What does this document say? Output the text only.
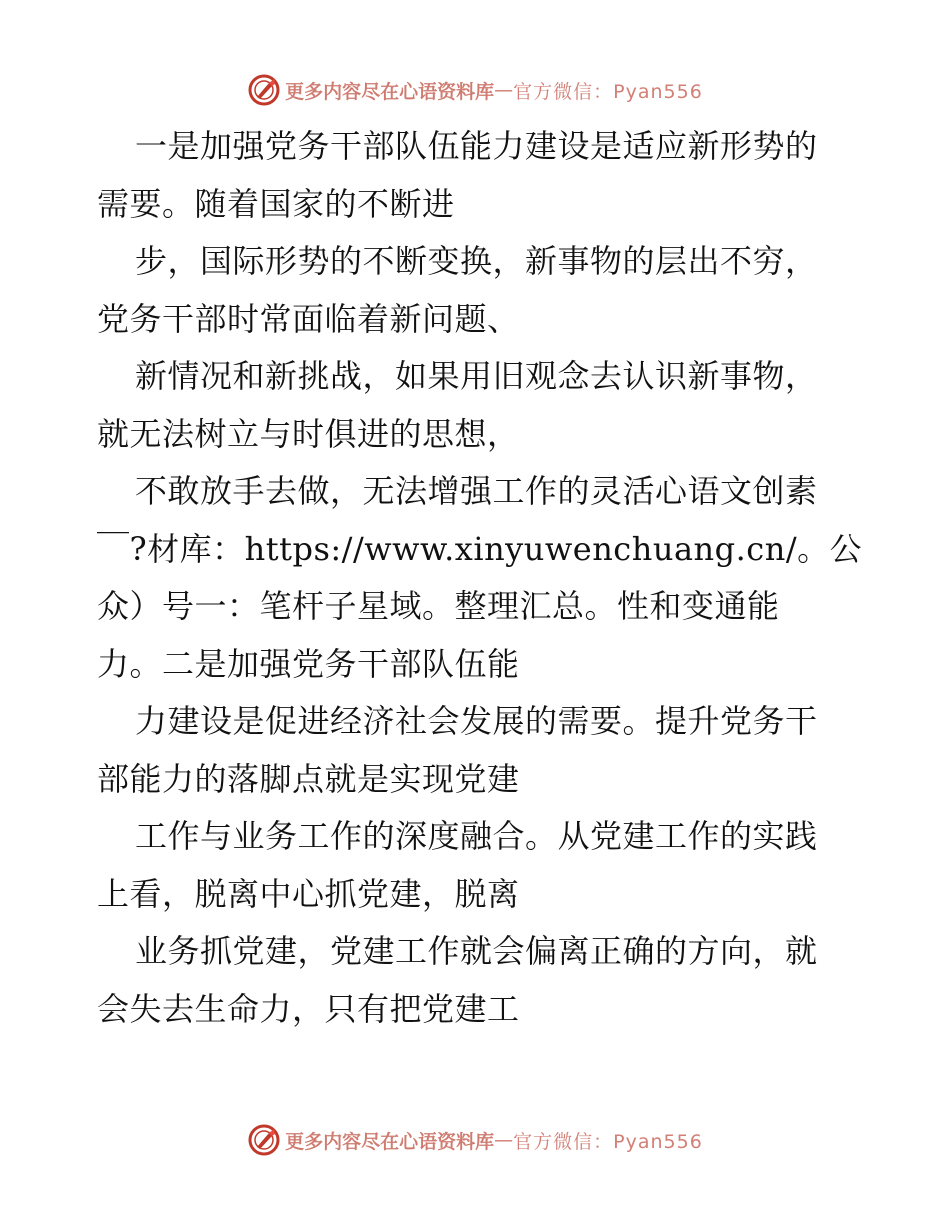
更多内容尽在心语资料库 — 官方微信：Pyan556
一是加强党务干部队伍能力建设是适应新形势的
需要。随着国家的不断进
步，国际形势的不断变换，新事物的层出不穷，
党务干部时常面临着新问题、
新情况和新挑战，如果用旧观念去认识新事物，
就无法树立与时俱进的思想，
不敢放手去做，无法增强工作的灵活心语文创素
￣?材库：https://www.xinyuwenchuang.cn/。公
众）号一：笔杆子星域。整理汇总。性和变通能
力。二是加强党务干部队伍能
力建设是促进经济社会发展的需要。提升党务干
部能力的落脚点就是实现党建
工作与业务工作的深度融合。从党建工作的实践
上看，脱离中心抓党建，脱离
业务抓党建，党建工作就会偏离正确的方向，就
会失去生命力，只有把党建工
更多内容尽在心语资料库 — 官方微信：Pyan556
